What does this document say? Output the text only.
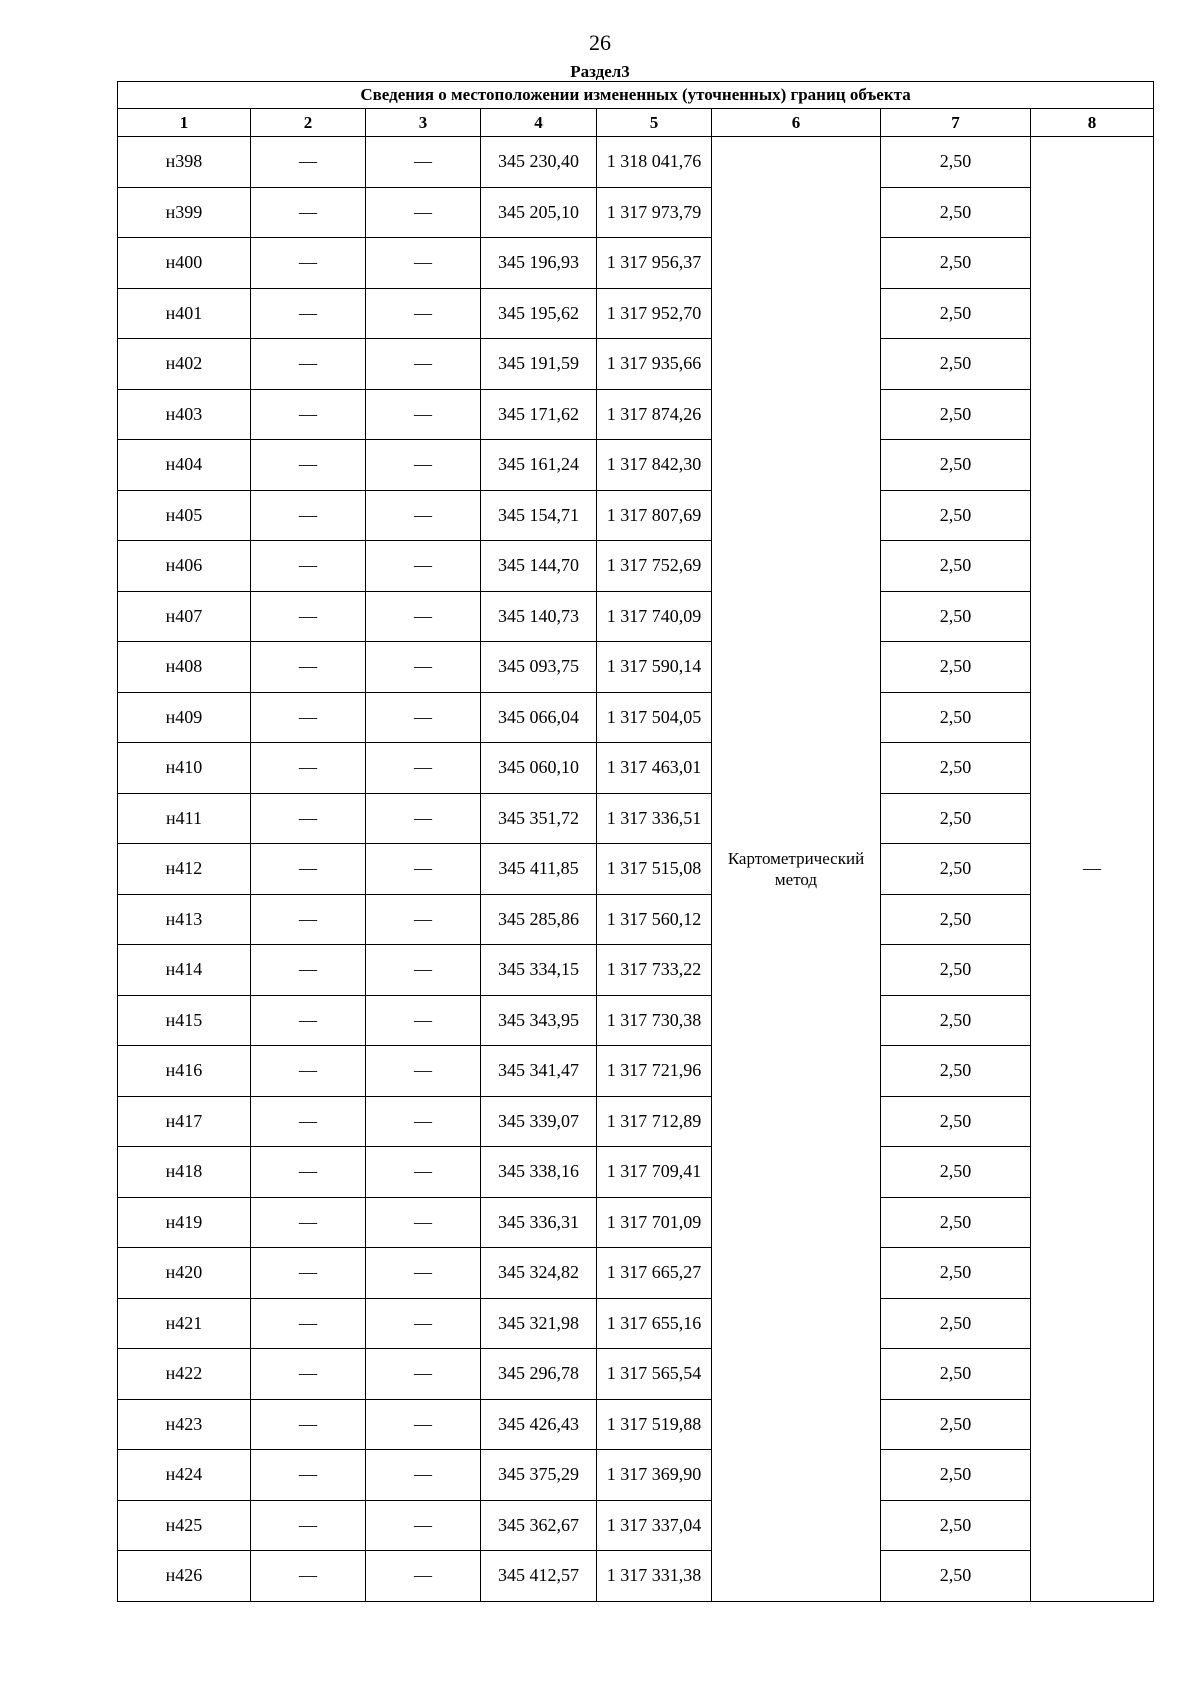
26
Раздел3
Сведения о местоположении измененных (уточненных) границ объекта							
1	2	3	4	5	6	7	8
н398	—	—	345 230,40	1 318 041,76	Картометрический метод	2,50	—
н399	—	—	345 205,10	1 317 973,79		2,50	
н400	—	—	345 196,93	1 317 956,37		2,50	
н401	—	—	345 195,62	1 317 952,70		2,50	
н402	—	—	345 191,59	1 317 935,66		2,50	
н403	—	—	345 171,62	1 317 874,26		2,50	
н404	—	—	345 161,24	1 317 842,30		2,50	
н405	—	—	345 154,71	1 317 807,69		2,50	
н406	—	—	345 144,70	1 317 752,69		2,50	
н407	—	—	345 140,73	1 317 740,09		2,50	
н408	—	—	345 093,75	1 317 590,14		2,50	
н409	—	—	345 066,04	1 317 504,05		2,50	
н410	—	—	345 060,10	1 317 463,01		2,50	
н411	—	—	345 351,72	1 317 336,51		2,50	
н412	—	—	345 411,85	1 317 515,08		2,50	
н413	—	—	345 285,86	1 317 560,12		2,50	
н414	—	—	345 334,15	1 317 733,22		2,50	
н415	—	—	345 343,95	1 317 730,38		2,50	
н416	—	—	345 341,47	1 317 721,96		2,50	
н417	—	—	345 339,07	1 317 712,89		2,50	
н418	—	—	345 338,16	1 317 709,41		2,50	
н419	—	—	345 336,31	1 317 701,09		2,50	
н420	—	—	345 324,82	1 317 665,27		2,50	
н421	—	—	345 321,98	1 317 655,16		2,50	
н422	—	—	345 296,78	1 317 565,54		2,50	
н423	—	—	345 426,43	1 317 519,88		2,50	
н424	—	—	345 375,29	1 317 369,90		2,50	
н425	—	—	345 362,67	1 317 337,04		2,50	
н426	—	—	345 412,57	1 317 331,38		2,50	
